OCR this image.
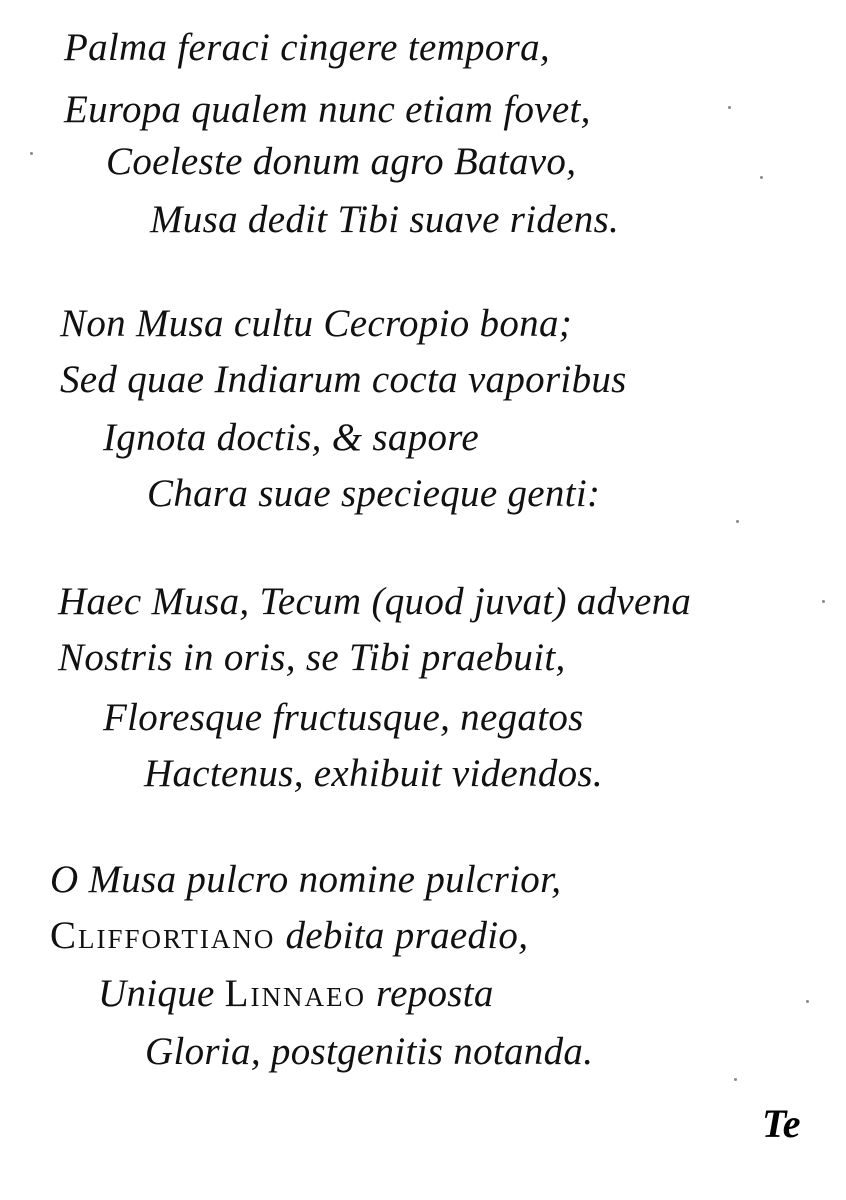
Palma feraci cingere tempora,
Europa qualem nunc etiam fovet,
Coeleste donum agro Batavo,
Musa dedit Tibi suave ridens.
Non Musa cultu Cecropio bona;
Sed quae Indiarum cocta vaporibus
Ignota doctis, & sapore
Chara suae specieque genti:
Haec Musa, Tecum (quod juvat) advena
Nostris in oris, se Tibi praebuit,
Floresque fructusque, negatos
Hactenus, exhibuit videndos.
O Musa pulcro nomine pulcrior,
Cliffortiano debita praedio,
Unique Linnaeo reposta
Gloria, postgenitis notanda.
Te
